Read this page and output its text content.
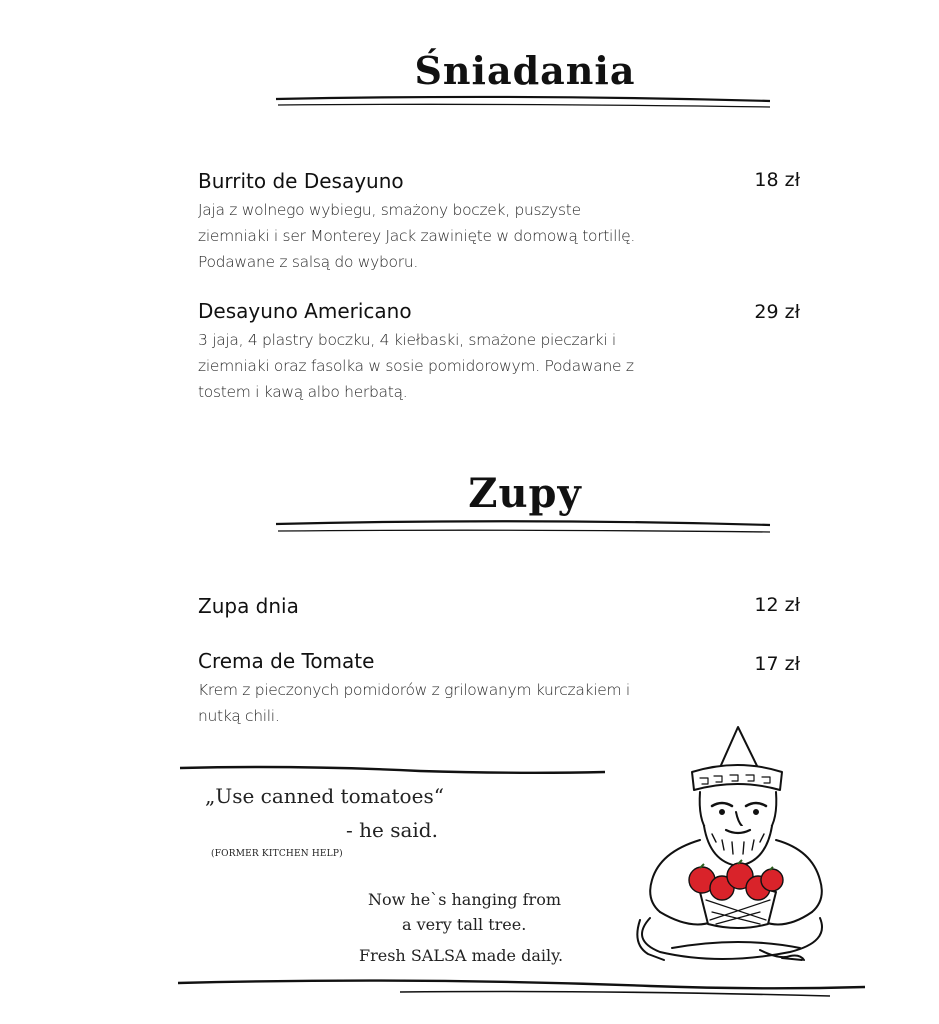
Śniadania
Burrito de Desayuno

Jaja z wolnego wybiegu, smażony boczek, puszyste
ziemniaki i ser Monterey Jack zawinięte w domową tortillę.
Podawane z salsą do wyboru.

18 zł
Desayuno Americano

3 jaja, 4 plastry boczku, 4 kiełbaski, smażone pieczarki i
ziemniaki oraz fasolka w sosie pomidorowym. Podawane z
tostem i kawą albo herbatą.

29 zł
Zupy
Zupa dnia	12 zł
Crema de Tomate

Krem z pieczonych pomidorów z grilowanym kurczakiem i
nutką chili.

17 zł
„Use canned tomatoes“
- he said.
(FORMER KITCHEN HELP)
Now he`s hanging from
a very tall tree.
Fresh SALSA made daily.
